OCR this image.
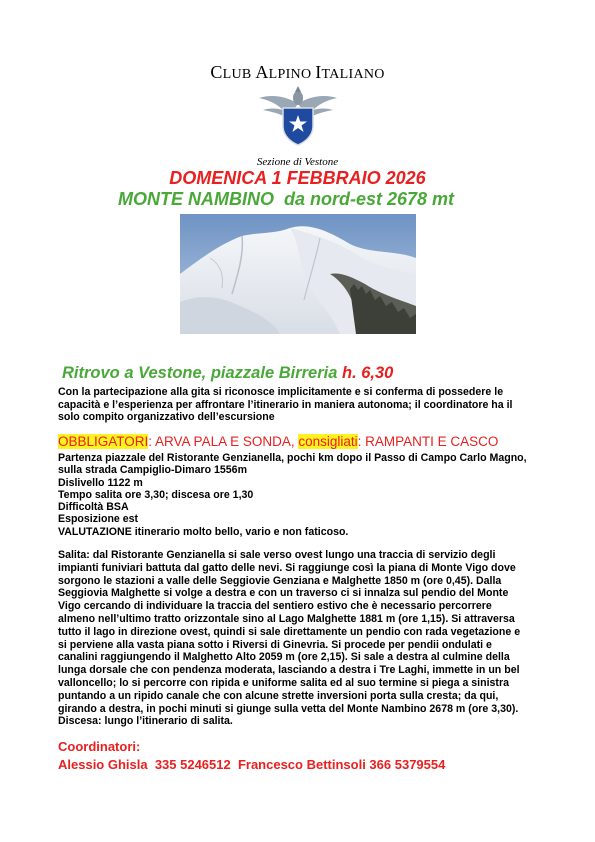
CLUB ALPINO ITALIANO
Sezione di Vestone
DOMENICA 1 FEBBRAIO 2026
MONTE NAMBINO  da nord-est 2678 mt
Ritrovo a Vestone, piazzale Birreria h. 6,30
Con la partecipazione alla gita si riconosce implicitamente e si conferma di possedere le capacità e l’esperienza per affrontare l’itinerario in maniera autonoma; il coordinatore ha il solo compito organizzativo dell’escursione
OBBLIGATORI: ARVA PALA E SONDA, consigliati: RAMPANTI E CASCO
Partenza piazzale del Ristorante Genzianella, pochi km dopo il Passo di Campo Carlo Magno, sulla strada Campiglio-Dimaro 1556m
Dislivello 1122 m
Tempo salita ore 3,30; discesa ore 1,30
Difficoltà BSA
Esposizione est
VALUTAZIONE itinerario molto bello, vario e non faticoso.
Salita: dal Ristorante Genzianella si sale verso ovest lungo una traccia di servizio degli impianti funiviari battuta dal gatto delle nevi. Si raggiunge così la piana di Monte Vigo dove sorgono le stazioni a valle delle Seggiovie Genziana e Malghette 1850 m (ore 0,45). Dalla Seggiovia Malghette si volge a destra e con un traverso ci si innalza sul pendio del Monte Vigo cercando di individuare la traccia del sentiero estivo che è necessario percorrere almeno nell’ultimo tratto orizzontale sino al Lago Malghette 1881 m (ore 1,15). Si attraversa tutto il lago in direzione ovest, quindi si sale direttamente un pendio con rada vegetazione e si perviene alla vasta piana sotto i Riversi di Ginevria. Si procede per pendii ondulati e canalini raggiungendo il Malghetto Alto 2059 m (ore 2,15). Si sale a destra al culmine della lunga dorsale che con pendenza moderata, lasciando a destra i Tre Laghi, immette in un bel valloncello; lo si percorre con ripida e uniforme salita ed al suo termine si piega a sinistra puntando a un ripido canale che con alcune strette inversioni porta sulla cresta; da qui, girando a destra, in pochi minuti si giunge sulla vetta del Monte Nambino 2678 m (ore 3,30).
Discesa: lungo l’itinerario di salita.
Coordinatori:
Alessio Ghisla  335 5246512  Francesco Bettinsoli 366 5379554
